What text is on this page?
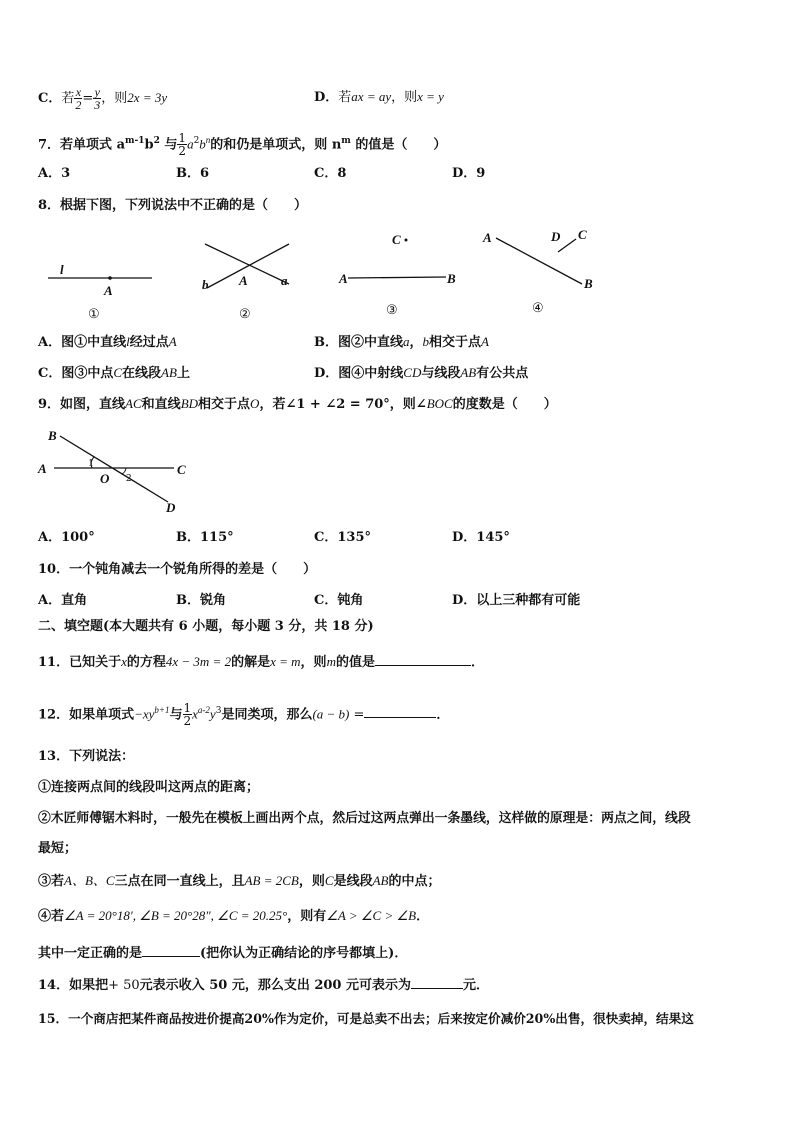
C．若 $\frac{x}{2} = \frac{y}{3}$ ，则2x = 3y	D．若ax = ay，则x = y
7．若单项式 $a^{m-1}b^2$ 与 $\frac{1}{2} a^2b^n$的和仍是单项式，则 $n^m$ 的值是（　　）
A．3	B．6	C．8	D．9
8．根据下图，下列说法中不正确的是（　　）
l
A
①
b	a
A
②
C
A	B
③
A
B
C
D
④
A．图①中直线l经过点A	B．图②中直线a，b相交于点A
C．图③中点C在线段AB上	D．图④中射线CD与线段AB有公共点
9．如图，直线AC和直线BD相交于点O，若∠1 + ∠2 = 70°，则∠BOC的度数是（　　）
B
A	C
O
D
1
2
A．100°	B．115°	C．135°	D．145°
10．一个钝角减去一个锐角所得的差是（　　）
A．直角	B．锐角	C．钝角	D．以上三种都有可能
二、填空题(本大题共有 6 小题，每小题 3 分，共 18 分)
11．已知关于x的方程4x − 3m = 2的解是x = m，则m的值是	．
12．如果单项式$-xy^{b+1}$与 $\frac{1}{2} x^{a-2}y^3$是同类项，那么(a − b) =	．
13．下列说法：
①连接两点间的线段叫这两点的距离；
②木匠师傅锯木料时，一般先在模板上画出两个点，然后过这两点弹出一条墨线，这样做的原理是：两点之间，线段
最短；
③若A、B、C三点在同一直线上，且AB = 2CB，则C是线段AB的中点；
④若∠A = 20°18′, ∠B = 20°28″, ∠C = 20.25°，则有∠A > ∠C > ∠B．
其中一定正确的是	(把你认为正确结论的序号都填上)．
14．如果把+ 50元表示收入 50 元，那么支出 200 元可表示为	元．
15．一个商店把某件商品按进价提高20%作为定价，可是总卖不出去；后来按定价减价20%出售，很快卖掉，结果这
